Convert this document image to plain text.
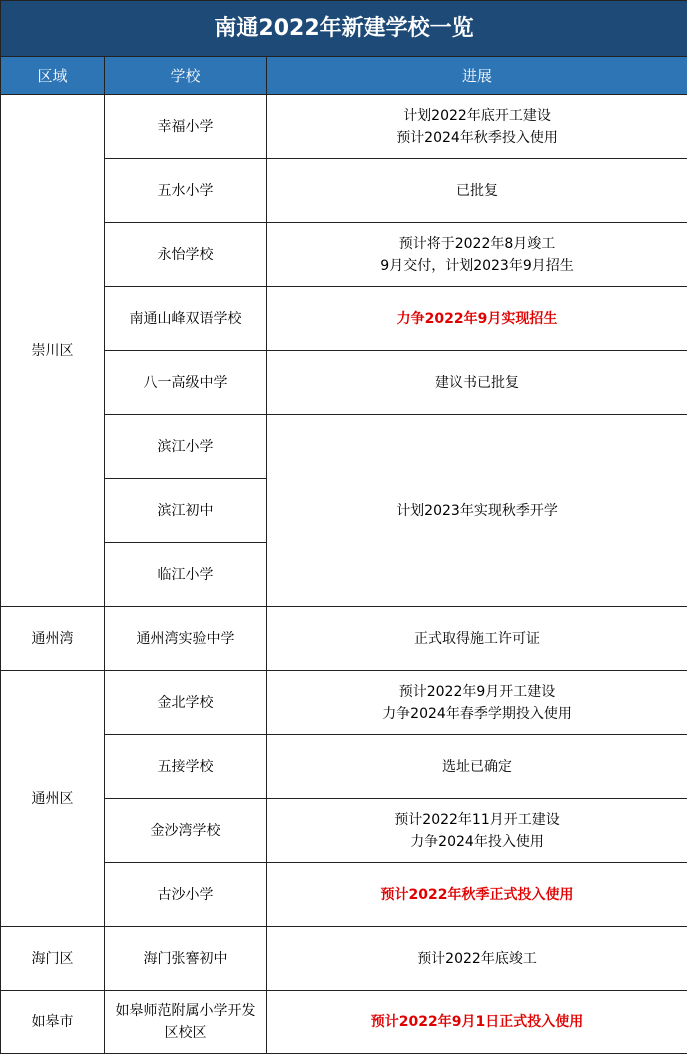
南通2022年新建学校一览		
区域	学校	进展
崇川区	幸福小学	计划2022年底开工建设
预计2024年秋季投入使用

	五水小学	已批复
	永怡学校	预计将于2022年8月竣工
9月交付，计划2023年9月招生

	南通山峰双语学校	力争2022年9月实现招生
	八一高级中学	建议书已批复
	滨江小学	计划2023年实现秋季开学
	滨江初中	
	临江小学	
通州湾	通州湾实验中学	正式取得施工许可证
通州区	金北学校	预计2022年9月开工建设
力争2024年春季学期投入使用

	五接学校	选址已确定
	金沙湾学校	预计2022年11月开工建设
力争2024年投入使用

	古沙小学	预计2022年秋季正式投入使用
海门区	海门张謇初中	预计2022年底竣工
如皋市	如皋师范附属小学开发区校区	预计2022年9月1日正式投入使用
